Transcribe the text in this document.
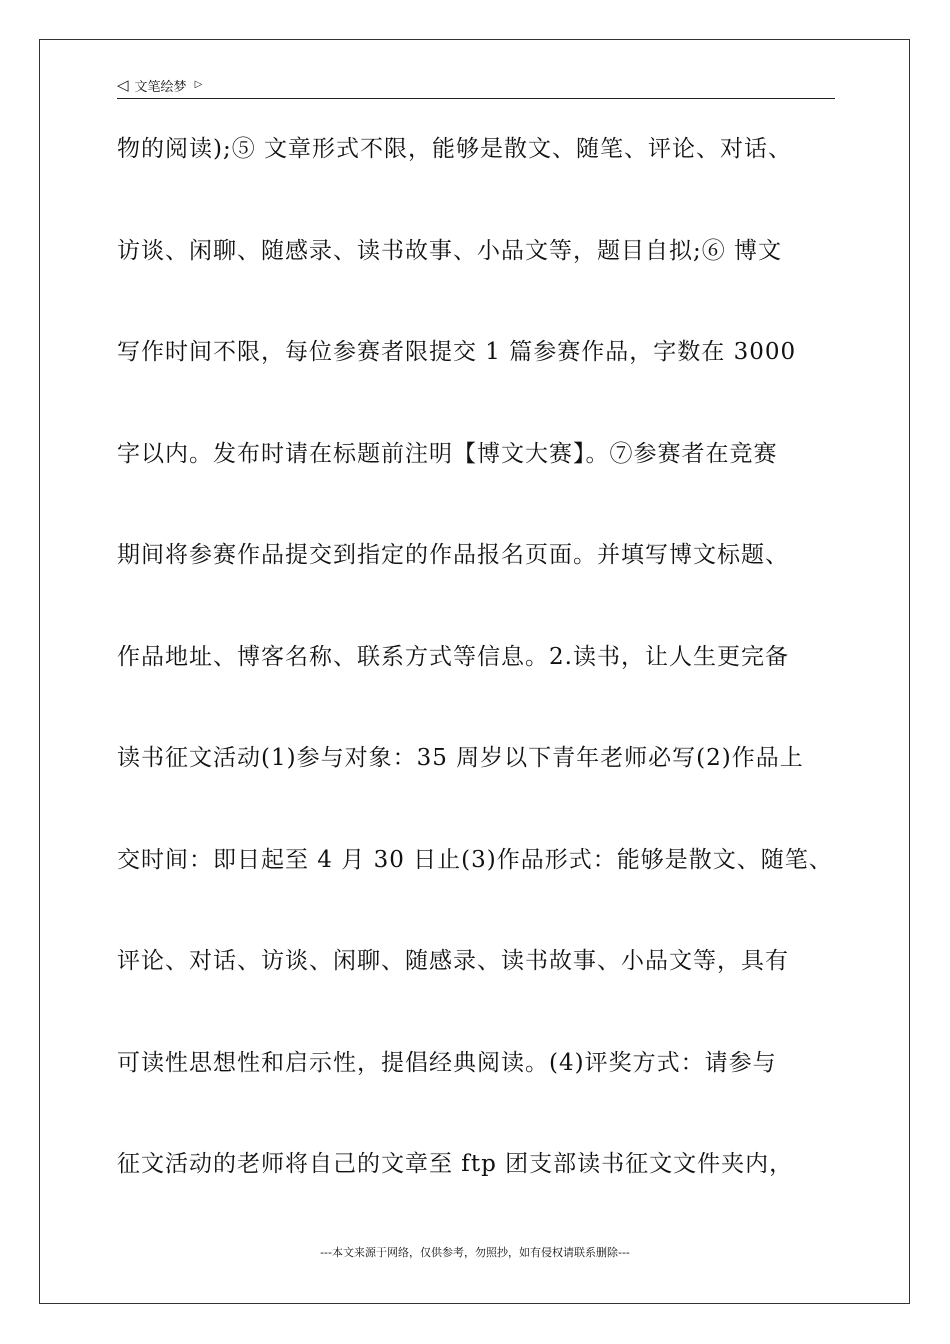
◁ 文笔绘梦 ▷
物的阅读);⑤ 文章形式不限，能够是散文、随笔、评论、对话、
访谈、闲聊、随感录、读书故事、小品文等，题目自拟;⑥ 博文
写作时间不限，每位参赛者限提交 1 篇参赛作品，字数在 3000
字以内。发布时请在标题前注明【博文大赛】。⑦参赛者在竞赛
期间将参赛作品提交到指定的作品报名页面。并填写博文标题、
作品地址、博客名称、联系方式等信息。2.读书，让人生更完备
读书征文活动(1)参与对象：35 周岁以下青年老师必写(2)作品上
交时间：即日起至 4 月 30 日止(3)作品形式：能够是散文、随笔、
评论、对话、访谈、闲聊、随感录、读书故事、小品文等，具有
可读性思想性和启示性，提倡经典阅读。(4)评奖方式：请参与
征文活动的老师将自己的文章至 ftp 团支部读书征文文件夹内，
---本文来源于网络，仅供参考，勿照抄，如有侵权请联系删除---
